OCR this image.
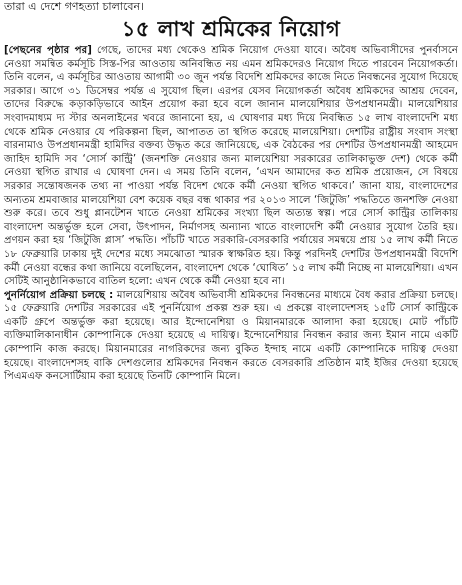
তারা এ দেশে গণহত্যা চালাবেন।
১৫ লাখ শ্রমিকের নিয়োগ

[পেছনের পৃষ্ঠার পর] গেছে, তাদের মধ্য থেকেও শ্রমিক নিয়োগ দেওয়া যাবে। অবৈধ অভিবাসীদের পুনর্বাসনে নেওয়া সমন্বিত কর্মসূচি সিস্ত-পির আওতায় অনিবন্ধিত নয় এমন শ্রমিকদেরও নিয়োগ দিতে পারবেন নিয়োগকর্তা। তিনি বলেন, এ কর্মসূচির আওতায় আগামী ৩০ জুন পর্যন্ত বিদেশি শ্রমিকদের কাজে নিতে নিবন্ধনের সুযোগ দিয়েছে সরকার। আগে ৩১ ডিসেম্বর পর্যন্ত এ সুযোগ ছিল। এরপর যেসব নিয়োগকর্তা অবৈধ শ্রমিকদের আশ্রয় দেবেন, তাদের বিরুদ্ধে কড়াকড়িভাবে আইন প্রয়োগ করা হবে বলে জানান মালয়েশিয়ার উপপ্রধানমন্ত্রী। মালয়েশিয়ার সংবাদমাধ্যম দ্য স্টার অনলাইনের খবরে জানানো হয়, এ ঘোষণার মধ্য দিয়ে নিবন্ধিত ১৫ লাখ বাংলাদেশি মধ্য থেকে শ্রমিক নেওয়ার যে পরিকল্পনা ছিল, আপাতত তা স্থগিত করেছে মালয়েশিয়া। দেশটির রাষ্ট্রীয় সংবাদ সংস্থা বারনামাও উপপ্রধানমন্ত্রী হামিদির বক্তব্য উদ্ধৃত করে জানিয়েছে, এক বৈঠকের পর দেশটির উপপ্রধানমন্ত্রী আহমেদ জাহিদ হামিদি সব ‘সোর্স কান্ট্রি’ (জনশক্তি নেওয়ার জন্য মালয়েশিয়া সরকারের তালিকাভুক্ত দেশ) থেকে কর্মী নেওয়া স্থগিত রাখার এ ঘোষণা দেন। এ সময় তিনি বলেন, ‘এখন আমাদের কত শ্রমিক প্রয়োজন, সে বিষয়ে সরকার সন্তোষজনক তথ্য না পাওয়া পর্যন্ত বিদেশ থেকে কর্মী নেওয়া স্থগিত থাকবে।’ জানা যায়, বাংলাদেশের অন্যতম শ্রমবাজার মালয়েশিয়া বেশ কয়েক বছর বন্ধ থাকার পর ২০১৩ সালে ‘জিটুজি’ পদ্ধতিতে জনশক্তি নেওয়া শুরু করে। তবে শুধু প্লানটেশন খাতে নেওয়া শ্রমিকের সংখ্যা ছিল অত্যন্ত স্বল্প। পরে সোর্স কান্ট্রির তালিকায় বাংলাদেশ অন্তর্ভুক্ত হলে সেবা, উৎপাদন, নির্মাণসহ অন্যান্য খাতে বাংলাদেশি কর্মী নেওয়ার সুযোগ তৈরি হয়। প্রণয়ন করা হয় ‘জিটুজি প্লাস’ পদ্ধতি। পাঁচটি খাতে সরকারি-বেসরকারি পর্যায়ের সমন্বয়ে প্রায় ১৫ লাখ কর্মী নিতে ১৮ ফেব্রুয়ারি ঢাকায় দুই দেশের মধ্যে সমঝোতা স্মারক স্বাক্ষরিত হয়। কিন্তু পরদিনই দেশটির উপপ্রধানমন্ত্রী বিদেশি কর্মী নেওয়া বন্ধের কথা জানিয়ে বলেছিলেন, বাংলাদেশ থেকে ‘ঘোষিত’ ১৫ লাখ কর্মী নিচ্ছে না মালয়েশিয়া। এখন সেটিই আনুষ্ঠানিকভাবে বাতিল হলো: এখন থেকে কর্মী নেওয়া হবে না।

পুনর্নিয়োগ প্রক্রিয়া চলছে : মালয়েশিয়ায় অবৈধ অভিবাসী শ্রমিকদের নিবন্ধনের মাধ্যমে বৈধ করার প্রক্রিয়া চলছে। ১৫ ফেব্রুয়ারি দেশটির সরকারের এই পুনর্নিয়োগ প্রকল্প শুরু হয়। এ প্রকল্পে বাংলাদেশসহ ১৫টি সোর্স কান্ট্রিকে একটি গ্রুপে অন্তর্ভুক্ত করা হয়েছে। আর ইন্দোনেশিয়া ও মিয়ানমারকে আলাদা করা হয়েছে। মোট পাঁচটি ব্যক্তিমালিকানাধীন কোম্পানিকে দেওয়া হয়েছে এ দায়িত্ব। ইন্দোনেশিয়ার নিবন্ধন করার জন্য ইমান নামে একটি কোম্পানি কাজ করছে। মিয়ানমারের নাগরিকদের জন্য বুকিত ইন্দাহ নামে একটি কোম্পানিকে দায়িত্ব দেওয়া হয়েছে। বাংলাদেশসহ বাকি দেশগুলোর শ্রমিকদের নিবন্ধন করতে বেসরকারি প্রতিষ্ঠান মাই ইজির দেওয়া হয়েছে পিএমএফ কনসোর্টিয়াম করা হয়েছে তিনটি কোম্পানি মিলে।
